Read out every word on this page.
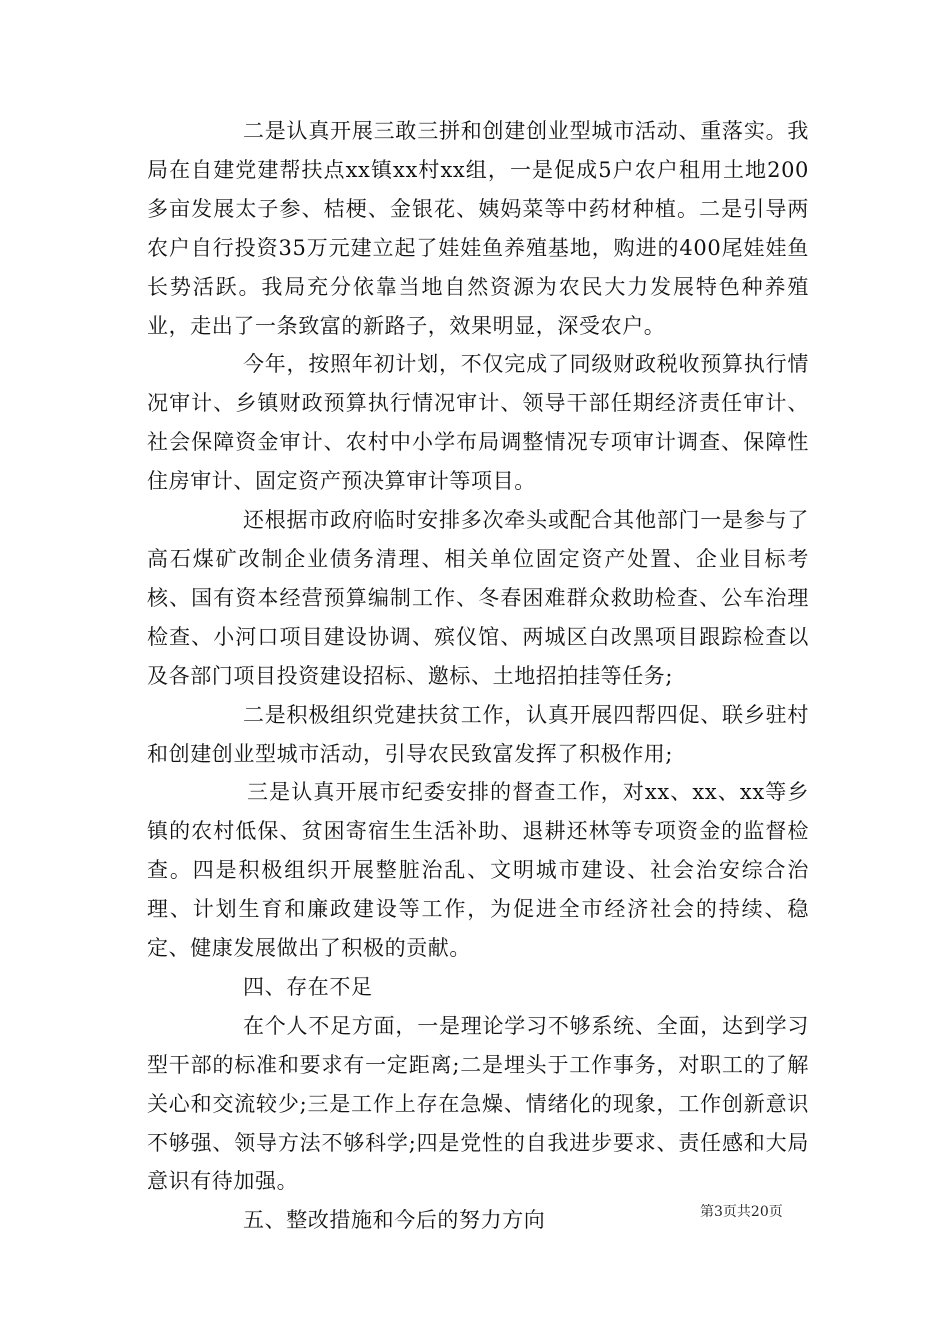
二是认真开展三敢三拼和创建创业型城市活动、重落实。我局在自建党建帮扶点xx镇xx村xx组，一是促成5户农户租用土地200多亩发展太子参、桔梗、金银花、姨妈菜等中药材种植。二是引导两农户自行投资35万元建立起了娃娃鱼养殖基地，购进的400尾娃娃鱼长势活跃。我局充分依靠当地自然资源为农民大力发展特色种养殖业，走出了一条致富的新路子，效果明显，深受农户。

今年，按照年初计划，不仅完成了同级财政税收预算执行情况审计、乡镇财政预算执行情况审计、领导干部任期经济责任审计、社会保障资金审计、农村中小学布局调整情况专项审计调查、保障性住房审计、固定资产预决算审计等项目。

还根据市政府临时安排多次牵头或配合其他部门一是参与了高石煤矿改制企业债务清理、相关单位固定资产处置、企业目标考核、国有资本经营预算编制工作、冬春困难群众救助检查、公车治理检查、小河口项目建设协调、殡仪馆、两城区白改黑项目跟踪检查以及各部门项目投资建设招标、邀标、土地招拍挂等任务;

二是积极组织党建扶贫工作，认真开展四帮四促、联乡驻村和创建创业型城市活动，引导农民致富发挥了积极作用;

三是认真开展市纪委安排的督查工作，对xx、xx、xx等乡镇的农村低保、贫困寄宿生生活补助、退耕还林等专项资金的监督检查。四是积极组织开展整脏治乱、文明城市建设、社会治安综合治理、计划生育和廉政建设等工作，为促进全市经济社会的持续、稳定、健康发展做出了积极的贡献。

四、存在不足

在个人不足方面，一是理论学习不够系统、全面，达到学习型干部的标准和要求有一定距离;二是埋头于工作事务，对职工的了解关心和交流较少;三是工作上存在急燥、情绪化的现象，工作创新意识不够强、领导方法不够科学;四是党性的自我进步要求、责任感和大局意识有待加强。

五、整改措施和今后的努力方向	第3页共20页
